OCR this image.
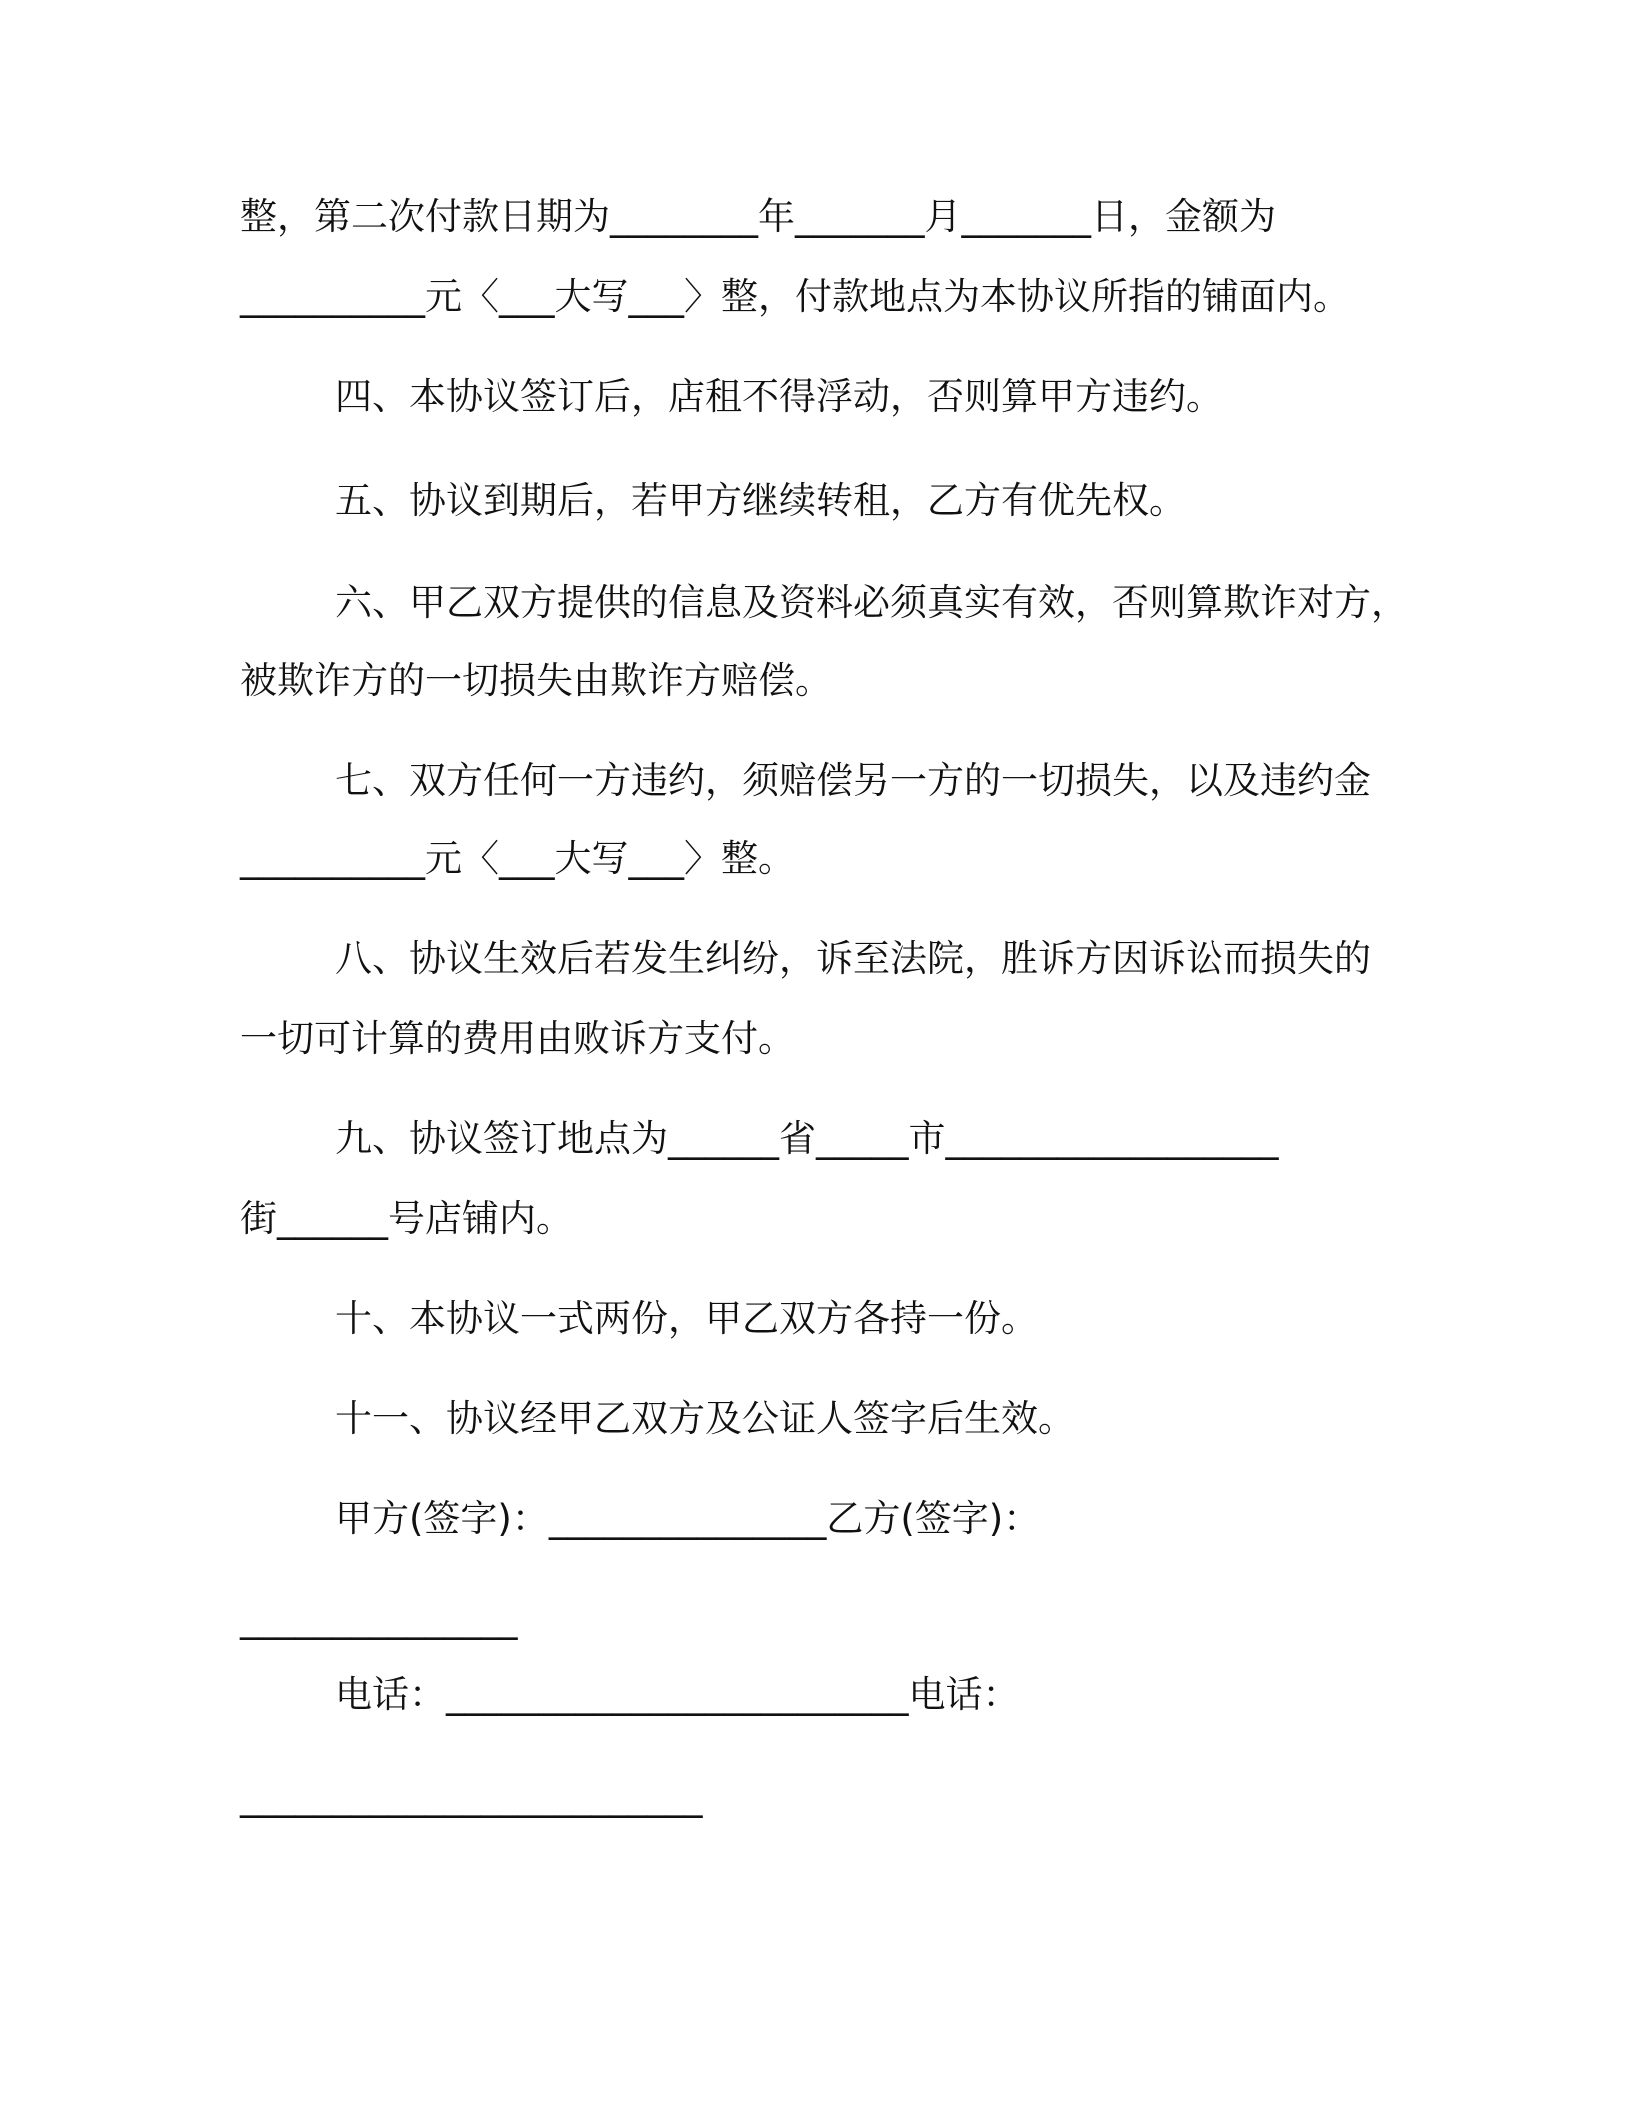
整，第二次付款日期为________年_______月_______日，金额为
__________元〈___大写___〉整，付款地点为本协议所指的铺面内。
四、本协议签订后，店租不得浮动，否则算甲方违约。
五、协议到期后，若甲方继续转租，乙方有优先权。
六、甲乙双方提供的信息及资料必须真实有效，否则算欺诈对方，
被欺诈方的一切损失由欺诈方赔偿。
七、双方任何一方违约，须赔偿另一方的一切损失，以及违约金
__________元〈___大写___〉整。
八、协议生效后若发生纠纷，诉至法院，胜诉方因诉讼而损失的
一切可计算的费用由败诉方支付。
九、协议签订地点为______省_____市__________________
街______号店铺内。
十、本协议一式两份，甲乙双方各持一份。
十一、协议经甲乙双方及公证人签字后生效。
甲方(签字)：_______________乙方(签字)：
_______________
电话：_________________________电话：
_________________________
